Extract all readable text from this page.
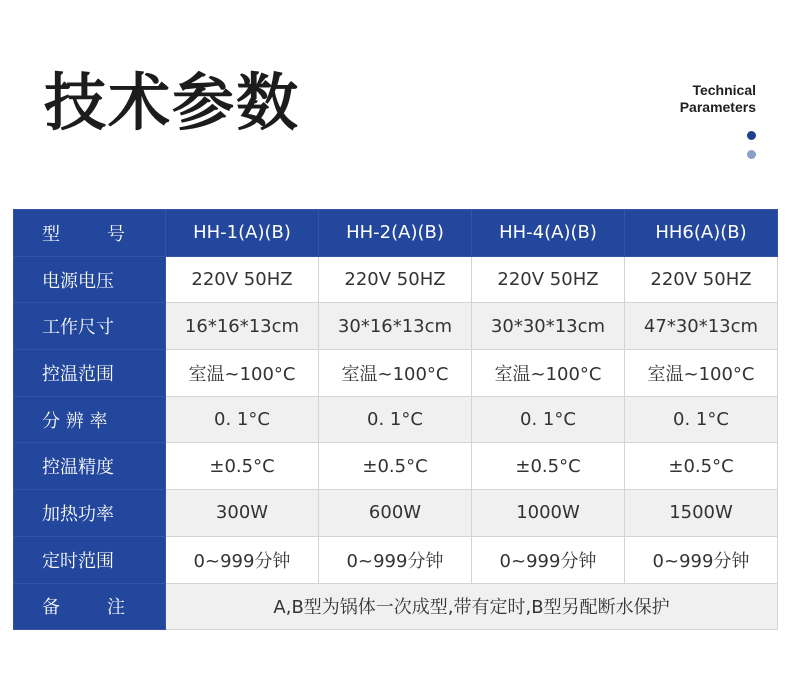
技术参数	Technical
Parameters
型 号	HH-1(A)(B)	HH-2(A)(B)	HH-4(A)(B)	HH6(A)(B)
电源电压	220V 50HZ	220V 50HZ	220V 50HZ	220V 50HZ
工作尺寸	16*16*13cm	30*16*13cm	30*30*13cm	47*30*13cm
控温范围	室温~100°C	室温~100°C	室温~100°C	室温~100°C
分 辨 率	0. 1°C	0. 1°C	0. 1°C	0. 1°C
控温精度	±0.5°C	±0.5°C	±0.5°C	±0.5°C
加热功率	300W	600W	1000W	1500W
定时范围	0~999分钟	0~999分钟	0~999分钟	0~999分钟

备 注	A,B型为锅体一次成型,带有定时,B型另配断水保护			
